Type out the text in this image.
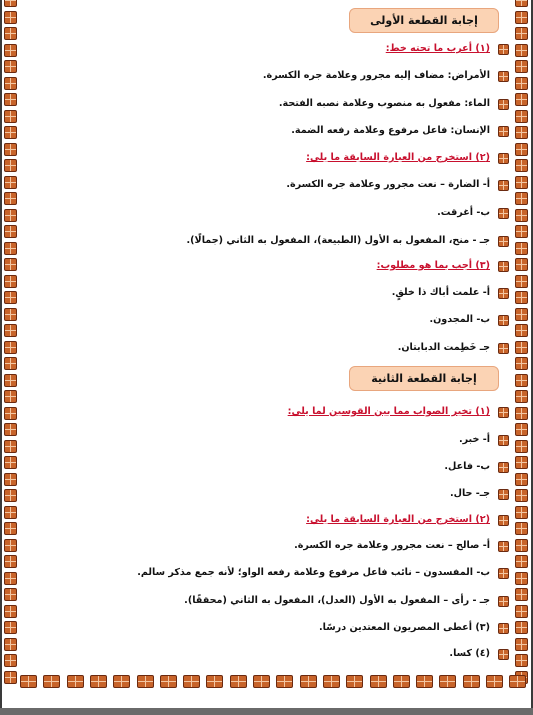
إجابة القطعة الأولى
(١) أعرب ما تحته خط:
الأمراض: مضاف إليه مجرور وعلامة جره الكسرة.
الماء: مفعول به منصوب وعلامة نصبه الفتحة.
الإنسان: فاعل مرفوع وعلامة رفعه الضمة.
(٢) استخرج من العبارة السابقة ما يلي:
أ- الضارة – نعت مجرور وعلامة جره الكسرة.
ب- أغرقت.
جـ - منح، المفعول به الأول (الطبيعة)، المفعول به الثاني (جمالًا).
(٣) أجب بما هو مطلوب:
أ- علمت أباك ذا خلقٍ.
ب- المجدون.
جـ خَطِمت الدبابتان.
إجابة القطعة الثانية
(١) تخير الصواب مما بين القوسين لما يلي:
أ- خبر.
ب- فاعل.
جـ- حال.
(٢) استخرج من العبارة السابقة ما يلي:
أ- صالح – نعت مجرور وعلامة جره الكسرة.
ب- المفسدون – نائب فاعل مرفوع وعلامة رفعه الواو؛ لأنه جمع مذكر سالم.
جـ - رأى – المفعول به الأول (العدل)، المفعول به الثاني (محققًا).
(٣) أعطى المصريون المعتدين درسًا.
(٤) كسا.
